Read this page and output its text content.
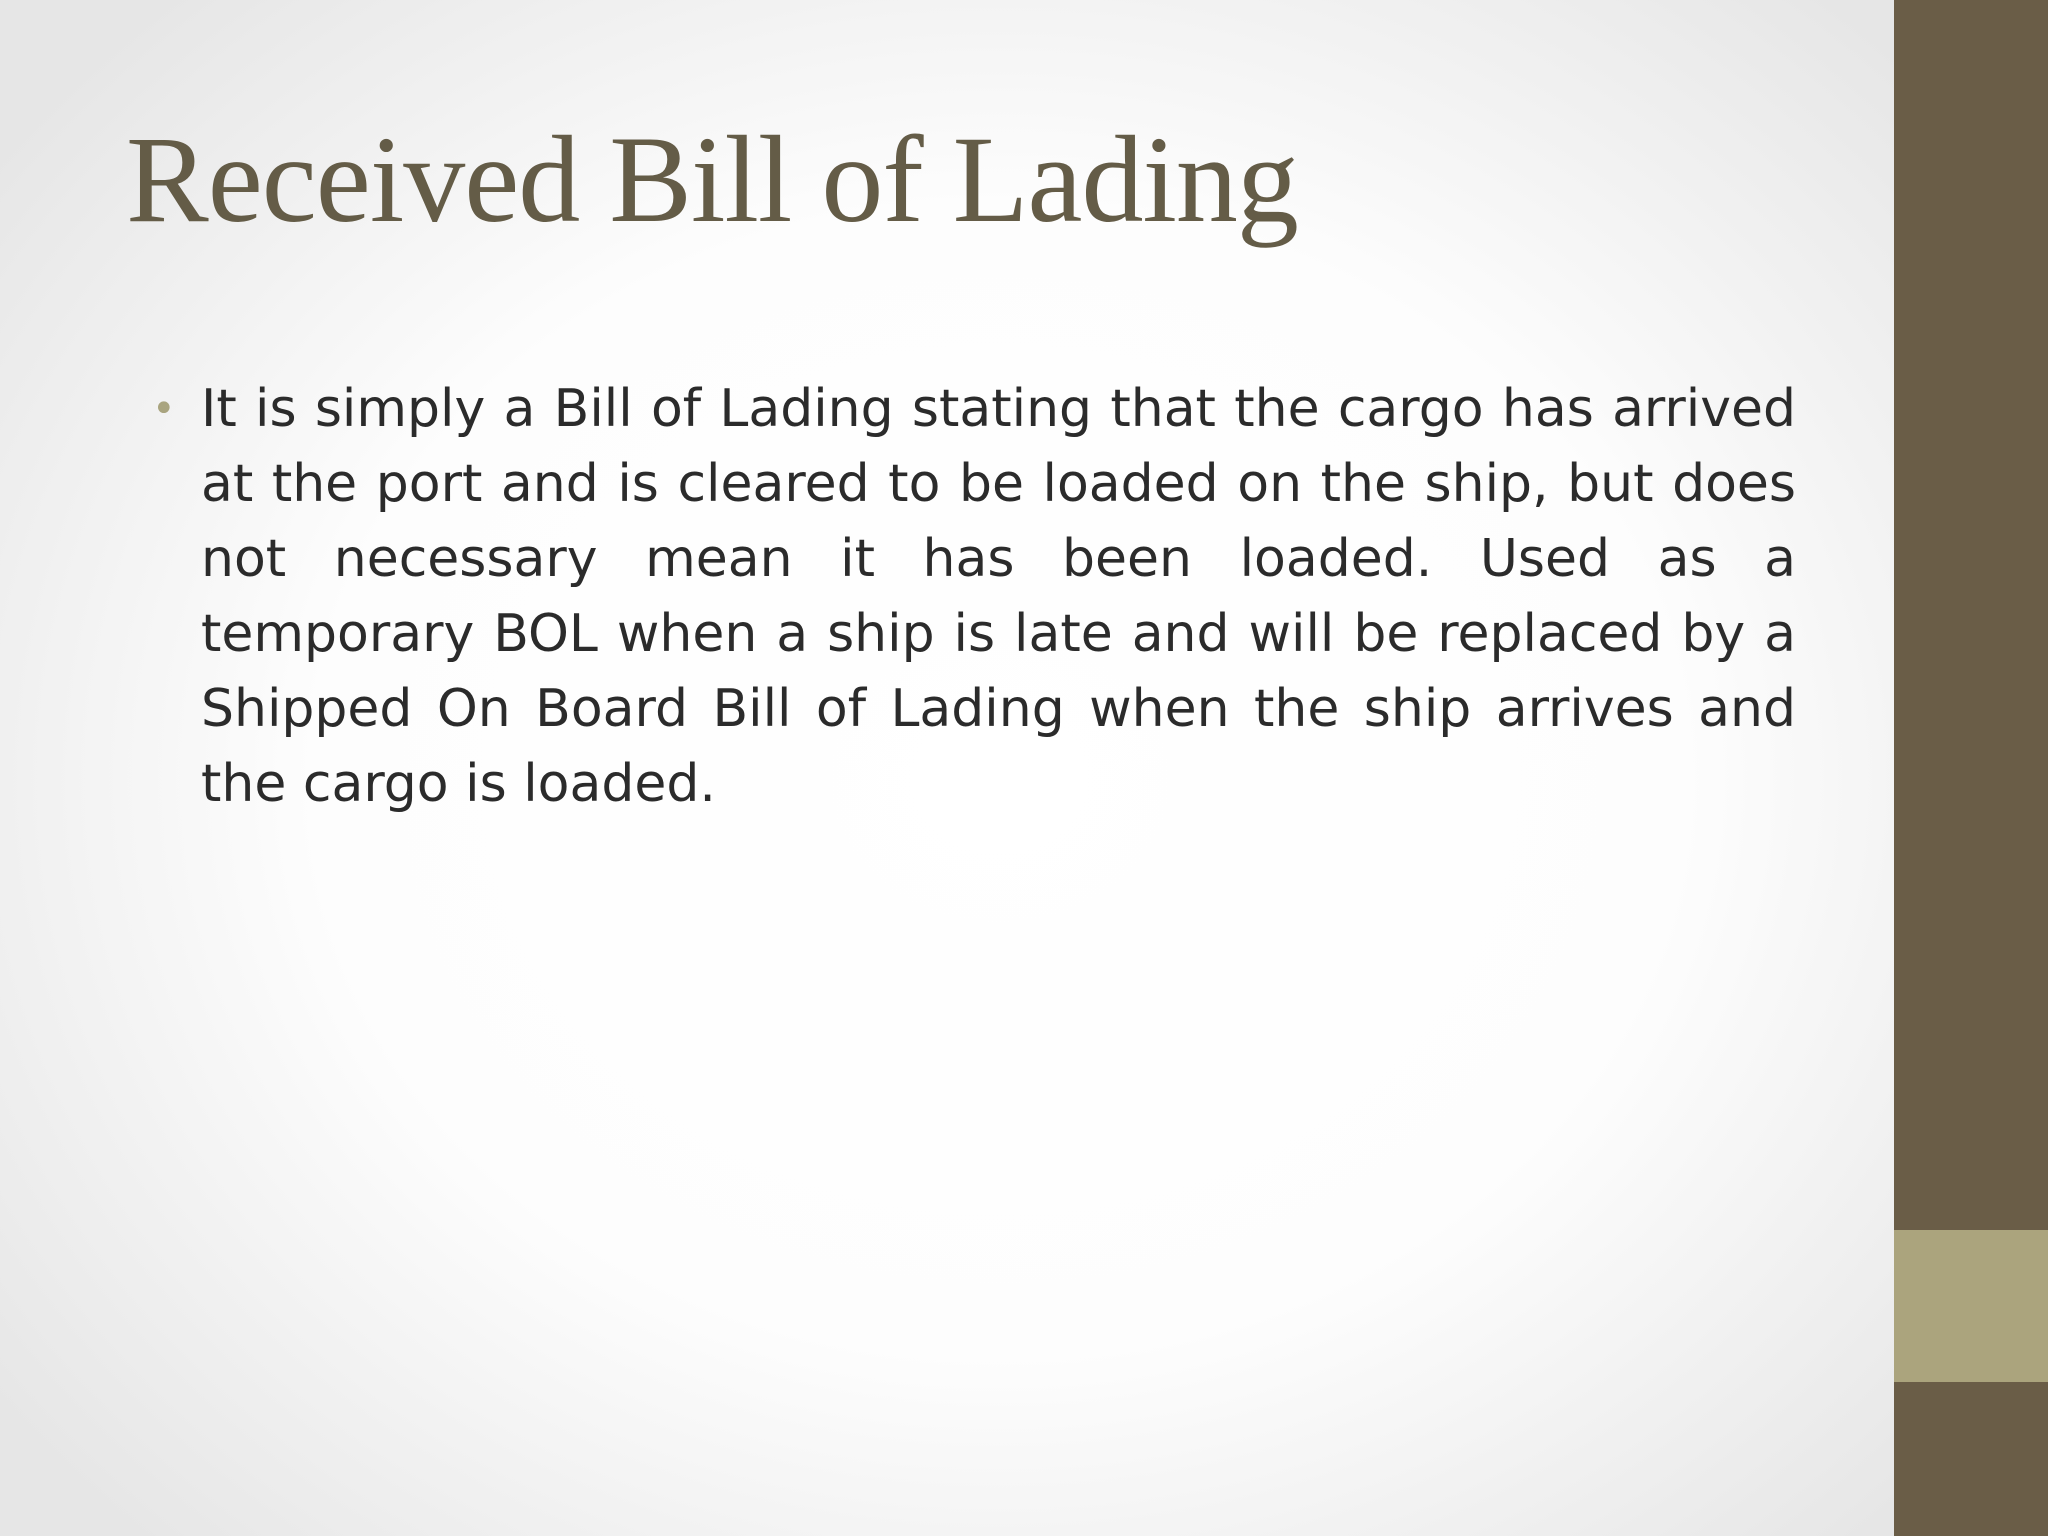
Received Bill of Lading
• It is simply a Bill of Lading stating that the cargo has arrived at the port and is cleared to be loaded on the ship, but does not necessary mean it has been loaded. Used as a temporary BOL when a ship is late and will be replaced by a Shipped On Board Bill of Lading when the ship arrives and the cargo is loaded.
